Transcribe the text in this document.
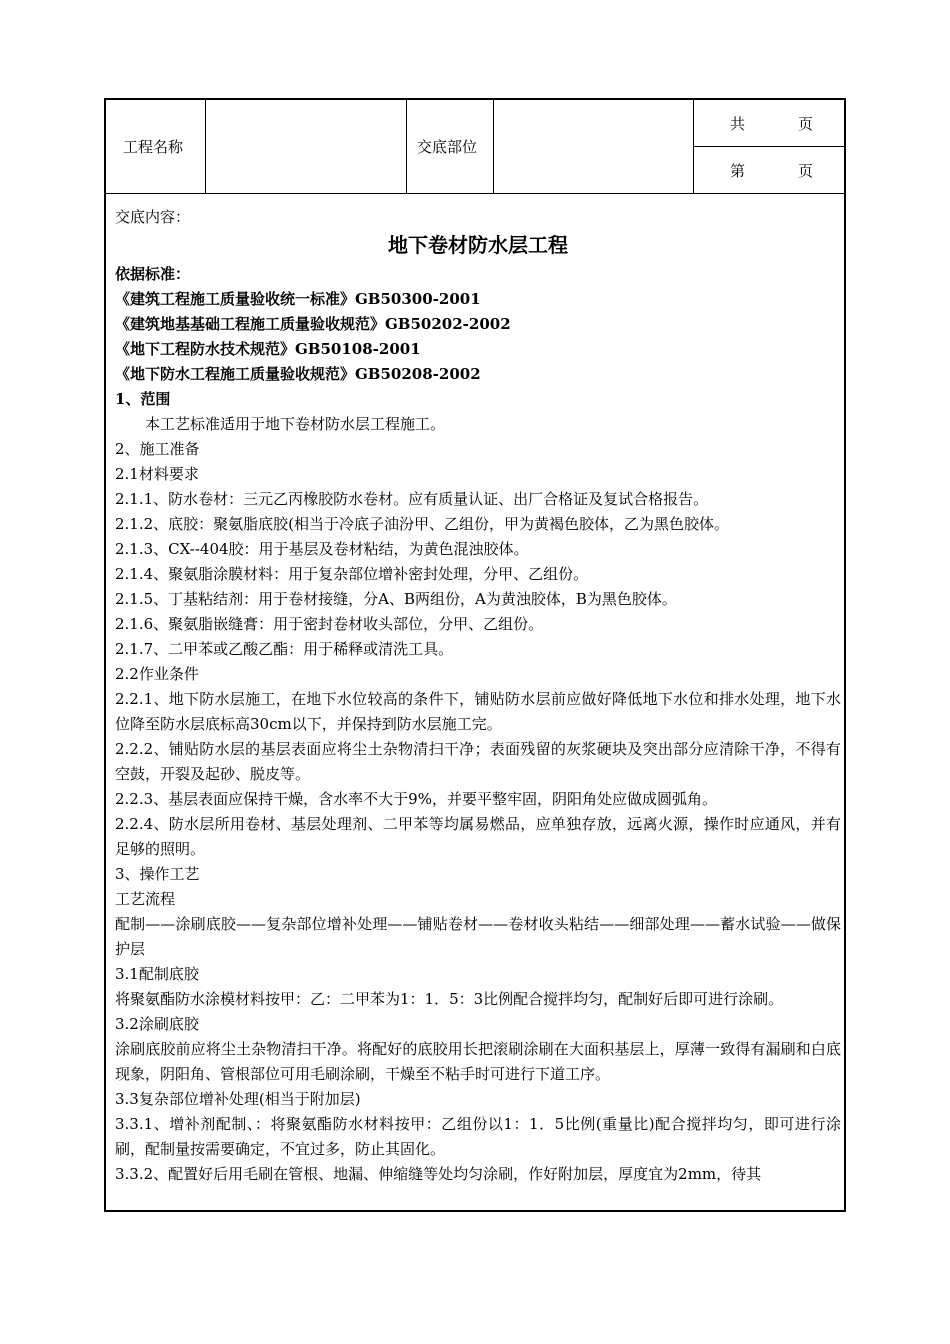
工程名称	交底部位
共	页
第	页
交底内容：
地下卷材防水层工程
依据标准：
《建筑工程施工质量验收统一标准》GB50300-2001
《建筑地基基础工程施工质量验收规范》GB50202-2002
《地下工程防水技术规范》GB50108-2001
《地下防水工程施工质量验收规范》GB50208-2002
1、范围
本工艺标准适用于地下卷材防水层工程施工。
2、施工准备
2.1材料要求
2.1.1、防水卷材：三元乙丙橡胶防水卷材。应有质量认证、出厂合格证及复试合格报告。
2.1.2、底胶：聚氨脂底胶(相当于冷底子油汾甲、乙组份，甲为黄褐色胶体，乙为黑色胶体。
2.1.3、CX--404胶：用于基层及卷材粘结，为黄色混浊胶体。
2.1.4、聚氨脂涂膜材料：用于复杂部位增补密封处理，分甲、乙组份。
2.1.5、丁基粘结剂：用于卷材接缝，分A、B两组份，A为黄浊胶体，B为黑色胶体。
2.1.6、聚氨脂嵌缝膏：用于密封卷材收头部位，分甲、乙组份。
2.1.7、二甲苯或乙酸乙酯：用于稀释或清洗工具。
2.2作业条件
2.2.1、地下防水层施工，在地下水位较高的条件下，铺贴防水层前应做好降低地下水位和排水处理，地下水位降至防水层底标高30cm以下，并保持到防水层施工完。
2.2.2、铺贴防水层的基层表面应将尘土杂物清扫干净；表面残留的灰浆硬块及突出部分应清除干净，不得有空鼓，开裂及起砂、脱皮等。
2.2.3、基层表面应保持干燥，含水率不大于9%，并要平整牢固，阴阳角处应做成圆弧角。
2.2.4、防水层所用卷材、基层处理剂、二甲苯等均属易燃品，应单独存放，远离火源，操作时应通风，并有足够的照明。
3、操作工艺
工艺流程
配制——涂刷底胶——复杂部位增补处理——铺贴卷材——卷材收头粘结——细部处理——蓄水试验——做保护层
3.1配制底胶
将聚氨酯防水涂模材料按甲：乙：二甲苯为1：1．5：3比例配合搅拌均匀，配制好后即可进行涂刷。
3.2涂刷底胶
涂刷底胶前应将尘土杂物清扫干净。将配好的底胶用长把滚刷涂刷在大面积基层上，厚薄一致得有漏刷和白底现象，阴阳角、管根部位可用毛刷涂刷，干燥至不粘手时可进行下道工序。
3.3复杂部位增补处理(相当于附加层)
3.3.1、增补剂配制、：将聚氨酯防水材料按甲：乙组份以1：1．5比例(重量比)配合搅拌均匀，即可进行涂刷，配制量按需要确定，不宜过多，防止其固化。
3.3.2、配置好后用毛刷在管根、地漏、伸缩缝等处均匀涂刷，作好附加层，厚度宜为2mm，待其
